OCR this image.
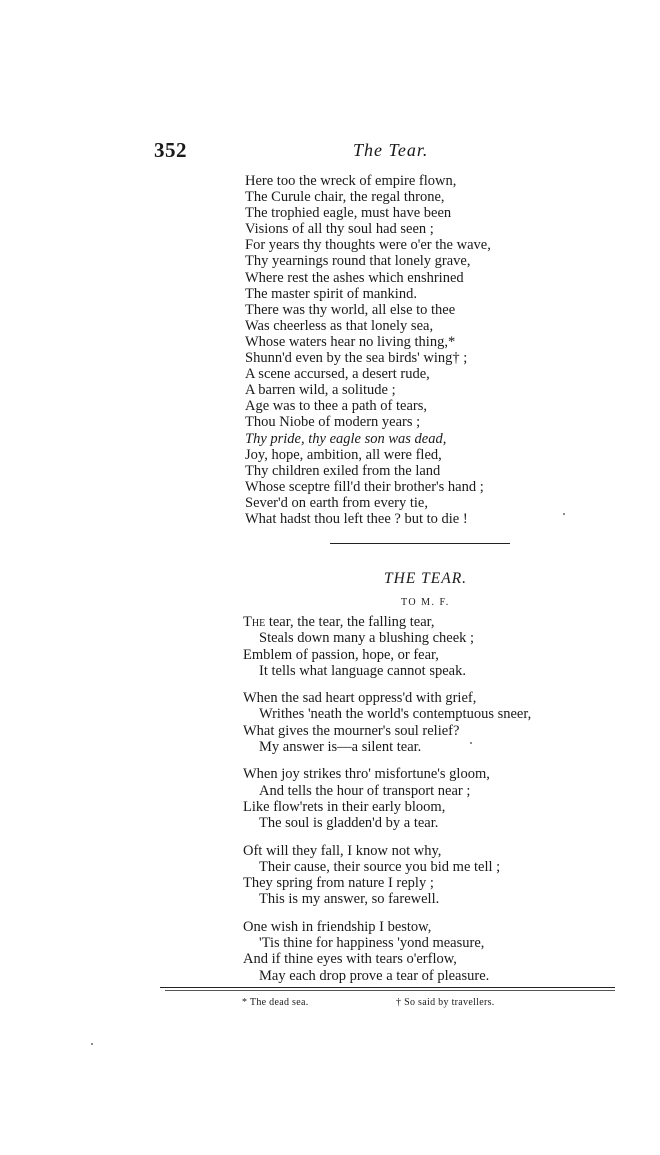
352	The Tear.
Here too the wreck of empire flown,
The Curule chair, the regal throne,
The trophied eagle, must have been
Visions of all thy soul had seen ;
For years thy thoughts were o'er the wave,
Thy yearnings round that lonely grave,
Where rest the ashes which enshrined
The master spirit of mankind.
There was thy world, all else to thee
Was cheerless as that lonely sea,
Whose waters hear no living thing,*
Shunn'd even by the sea birds' wing† ;
A scene accursed, a desert rude,
A barren wild, a solitude ;
Age was to thee a path of tears,
Thou Niobe of modern years ;
Thy pride, thy eagle son was dead,
Joy, hope, ambition, all were fled,
Thy children exiled from the land
Whose sceptre fill'd their brother's hand ;
Sever'd on earth from every tie,
What hadst thou left thee ? but to die !
THE TEAR.
TO M. F.
The tear, the tear, the falling tear,
Steals down many a blushing cheek ;
Emblem of passion, hope, or fear,
It tells what language cannot speak.
When the sad heart oppress'd with grief,
Writhes 'neath the world's contemptuous sneer,
What gives the mourner's soul relief?
My answer is—a silent tear.
When joy strikes thro' misfortune's gloom,
And tells the hour of transport near ;
Like flow'rets in their early bloom,
The soul is gladden'd by a tear.
Oft will they fall, I know not why,
Their cause, their source you bid me tell ;
They spring from nature I reply ;
This is my answer, so farewell.
One wish in friendship I bestow,
'Tis thine for happiness 'yond measure,
And if thine eyes with tears o'erflow,
May each drop prove a tear of pleasure.
* The dead sea.	† So said by travellers.
